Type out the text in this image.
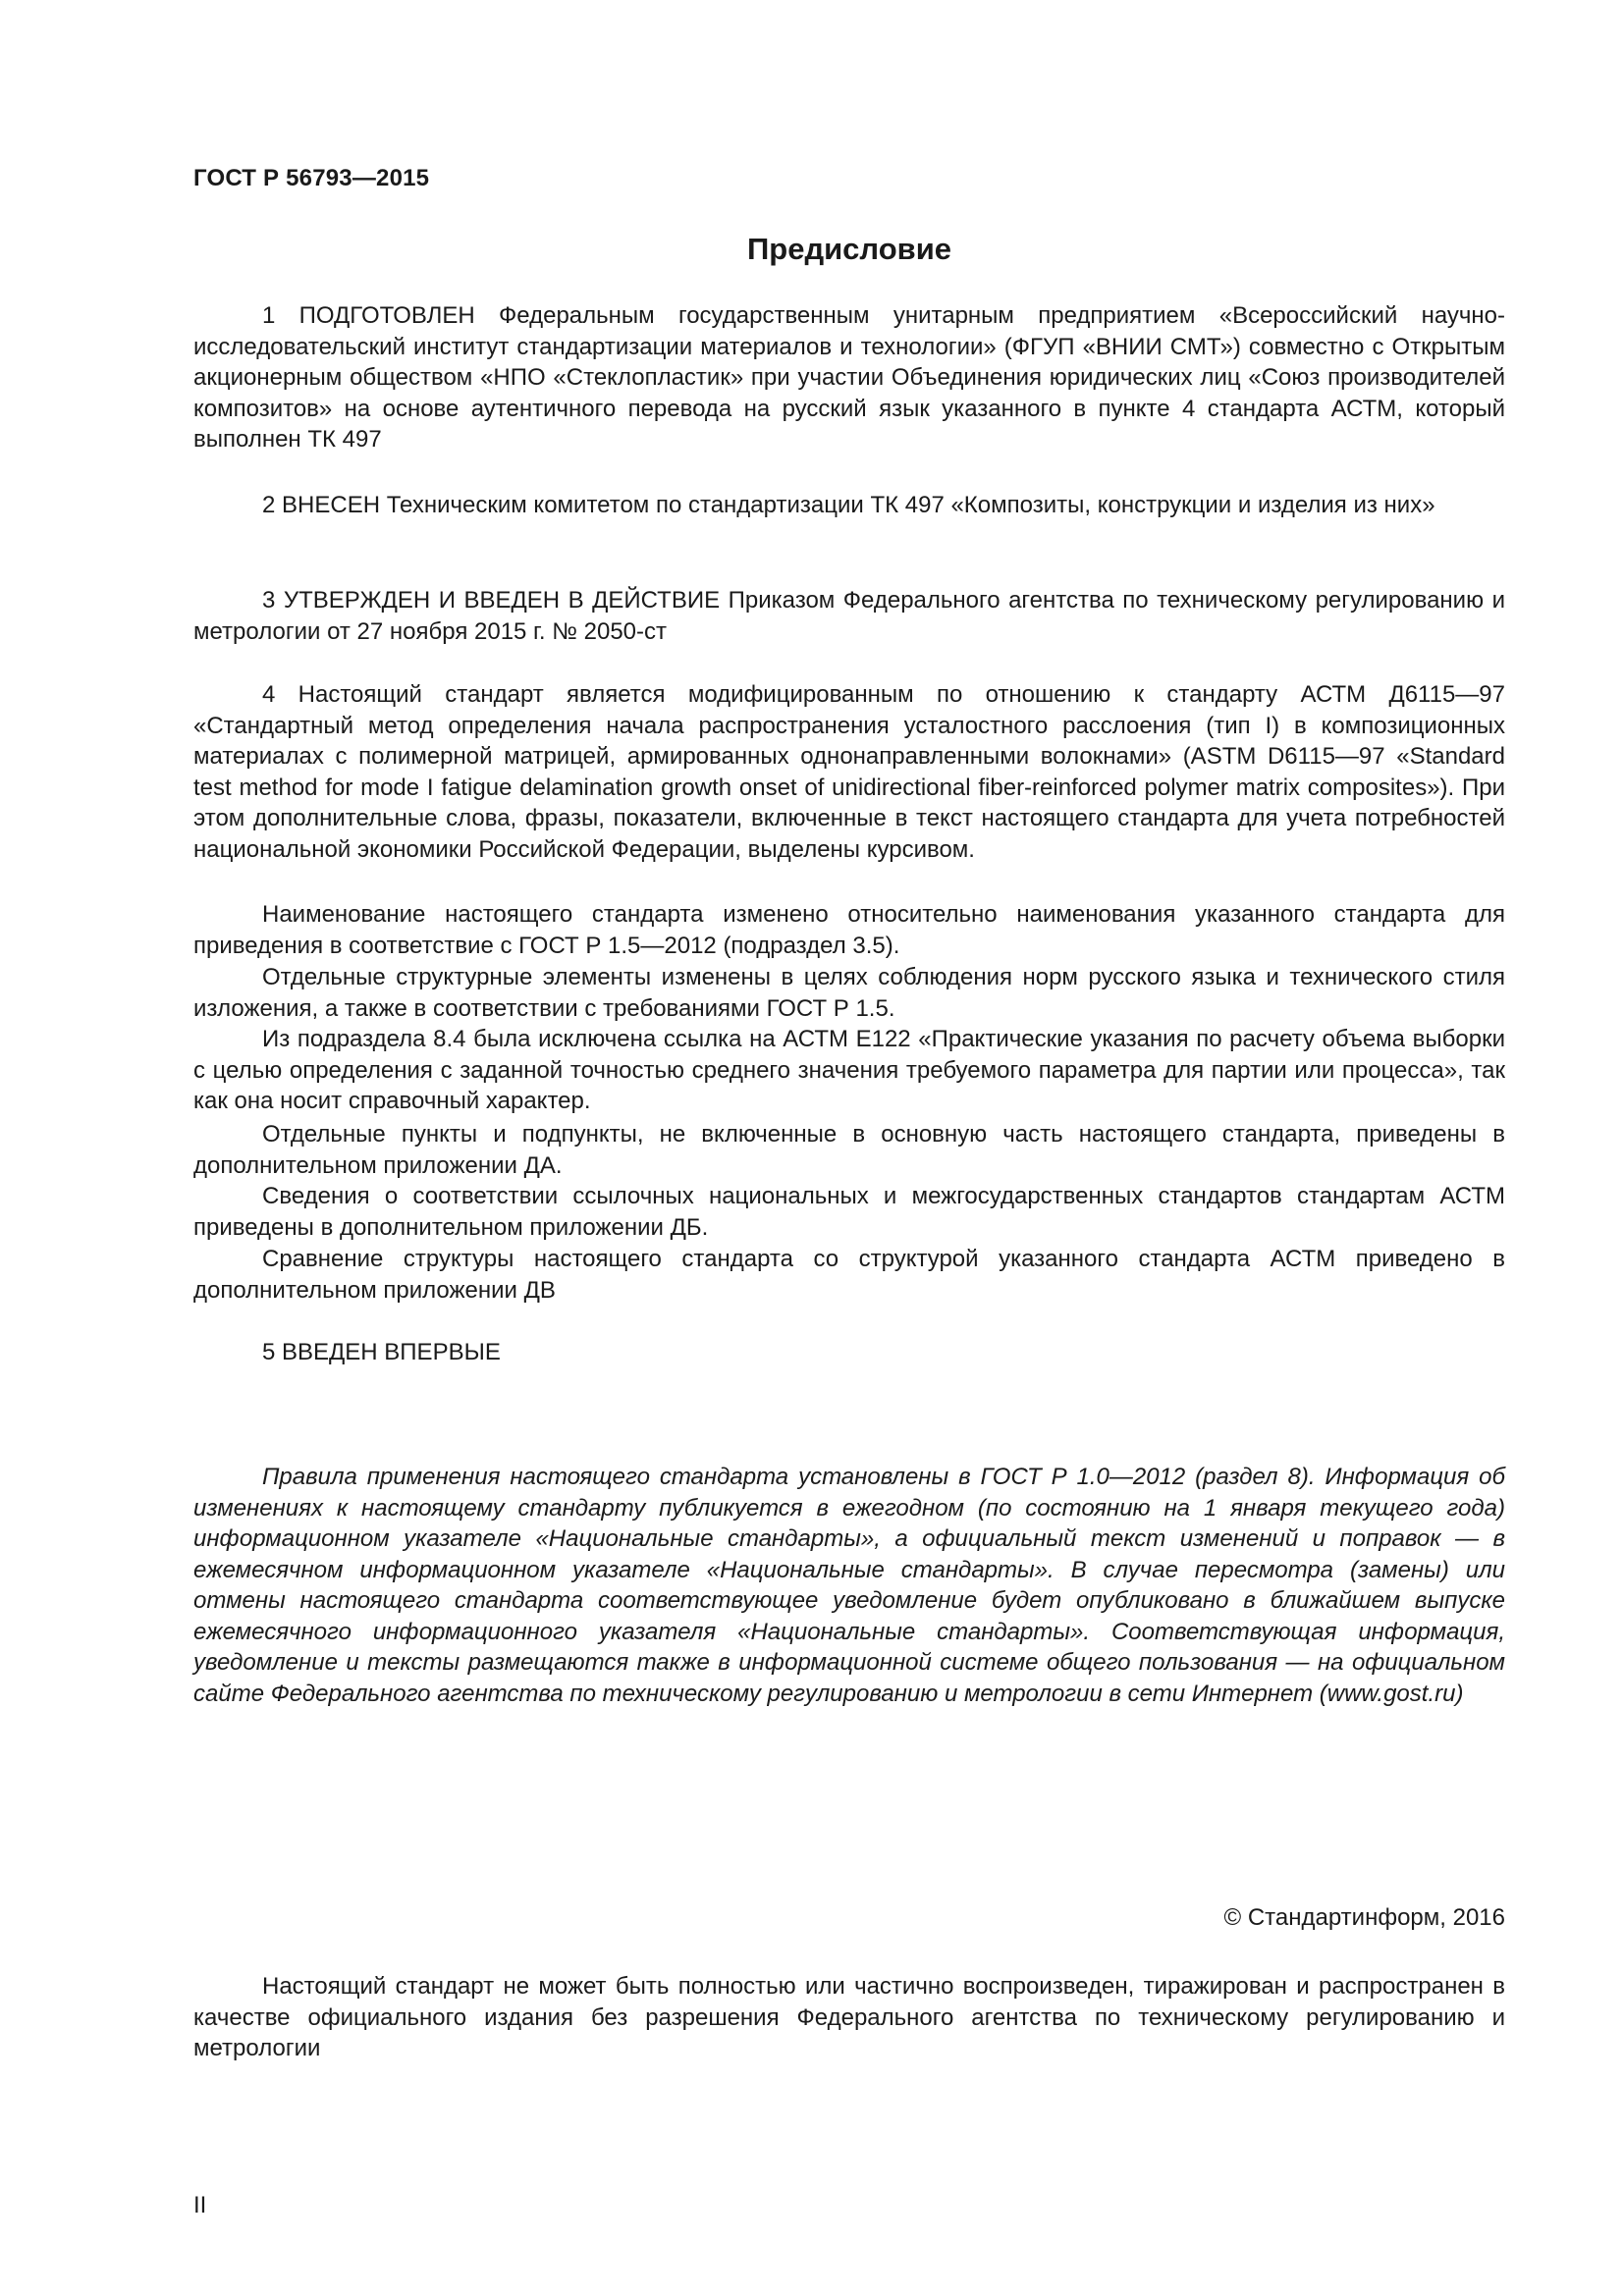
ГОСТ Р 56793—2015
Предисловие
1 ПОДГОТОВЛЕН Федеральным государственным унитарным предприятием «Всероссийский научно-исследовательский институт стандартизации материалов и технологии» (ФГУП «ВНИИ СМТ») совместно с Открытым акционерным обществом «НПО «Стеклопластик» при участии Объединения юридических лиц «Союз производителей композитов» на основе аутентичного перевода на русский язык указанного в пункте 4 стандарта АСТМ, который выполнен ТК 497
2 ВНЕСЕН Техническим комитетом по стандартизации ТК 497 «Композиты, конструкции и изделия из них»
3 УТВЕРЖДЕН И ВВЕДЕН В ДЕЙСТВИЕ Приказом Федерального агентства по техническому регулированию и метрологии от 27 ноября 2015 г. № 2050-ст
4 Настоящий стандарт является модифицированным по отношению к стандарту АСТМ Д6115—97 «Стандартный метод определения начала распространения усталостного расслоения (тип I) в композиционных материалах с полимерной матрицей, армированных однонаправленными волокнами» (ASTM D6115—97 «Standard test method for mode I fatigue delamination growth onset of unidirectional fiber-reinforced polymer matrix composites»). При этом дополнительные слова, фразы, показатели, включенные в текст настоящего стандарта для учета потребностей национальной экономики Российской Федерации, выделены курсивом.
Наименование настоящего стандарта изменено относительно наименования указанного стандарта для приведения в соответствие с ГОСТ Р 1.5—2012 (подраздел 3.5).
Отдельные структурные элементы изменены в целях соблюдения норм русского языка и технического стиля изложения, а также в соответствии с требованиями ГОСТ Р 1.5.
Из подраздела 8.4 была исключена ссылка на АСТМ Е122 «Практические указания по расчету объема выборки с целью определения с заданной точностью среднего значения требуемого параметра для партии или процесса», так как она носит справочный характер.
Отдельные пункты и подпункты, не включенные в основную часть настоящего стандарта, приведены в дополнительном приложении ДА.
Сведения о соответствии ссылочных национальных и межгосударственных стандартов стандартам АСТМ приведены в дополнительном приложении ДБ.
Сравнение структуры настоящего стандарта со структурой указанного стандарта АСТМ приведено в дополнительном приложении ДВ
5 ВВЕДЕН ВПЕРВЫЕ
Правила применения настоящего стандарта установлены в ГОСТ Р 1.0—2012 (раздел 8). Информация об изменениях к настоящему стандарту публикуется в ежегодном (по состоянию на 1 января текущего года) информационном указателе «Национальные стандарты», а официальный текст изменений и поправок — в ежемесячном информационном указателе «Национальные стандарты». В случае пересмотра (замены) или отмены настоящего стандарта соответствующее уведомление будет опубликовано в ближайшем выпуске ежемесячного информационного указателя «Национальные стандарты». Соответствующая информация, уведомление и тексты размещаются также в информационной системе общего пользования — на официальном сайте Федерального агентства по техническому регулированию и метрологии в сети Интернет (www.gost.ru)
© Стандартинформ, 2016
Настоящий стандарт не может быть полностью или частично воспроизведен, тиражирован и распространен в качестве официального издания без разрешения Федерального агентства по техническому регулированию и метрологии
II
